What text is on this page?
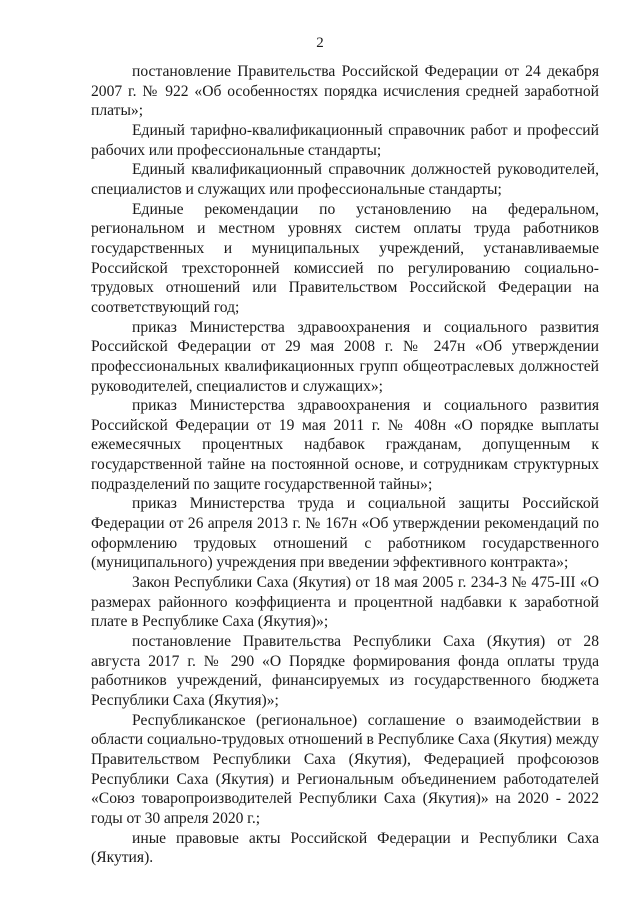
2

постановление Правительства Российской Федерации от 24 декабря 2007 г. № 922 «Об особенностях порядка исчисления средней заработной платы»;

Единый тарифно-квалификационный справочник работ и профессий рабочих или профессиональные стандарты;

Единый квалификационный справочник должностей руководителей, специалистов и служащих или профессиональные стандарты;

Единые рекомендации по установлению на федеральном, региональном и местном уровнях систем оплаты труда работников государственных и муниципальных учреждений, устанавливаемые Российской трехсторонней комиссией по регулированию социально-трудовых отношений или Правительством Российской Федерации на соответствующий год;

приказ Министерства здравоохранения и социального развития Российской Федерации от 29 мая 2008 г. № 247н «Об утверждении профессиональных квалификационных групп общеотраслевых должностей руководителей, специалистов и служащих»;

приказ Министерства здравоохранения и социального развития Российской Федерации от 19 мая 2011 г. № 408н «О порядке выплаты ежемесячных процентных надбавок гражданам, допущенным к государственной тайне на постоянной основе, и сотрудникам структурных подразделений по защите государственной тайны»;

приказ Министерства труда и социальной защиты Российской Федерации от 26 апреля 2013 г. № 167н «Об утверждении рекомендаций по оформлению трудовых отношений с работником государственного (муниципального) учреждения при введении эффективного контракта»;

Закон Республики Саха (Якутия) от 18 мая 2005 г. 234-З № 475-III «О размерах районного коэффициента и процентной надбавки к заработной плате в Республике Саха (Якутия)»;

постановление Правительства Республики Саха (Якутия) от 28 августа 2017 г. № 290 «О Порядке формирования фонда оплаты труда работников учреждений, финансируемых из государственного бюджета Республики Саха (Якутия)»;

Республиканское (региональное) соглашение о взаимодействии в области социально-трудовых отношений в Республике Саха (Якутия) между Правительством Республики Саха (Якутия), Федерацией профсоюзов Республики Саха (Якутия) и Региональным объединением работодателей «Союз товаропроизводителей Республики Саха (Якутия)» на 2020 - 2022 годы от 30 апреля 2020 г.;

иные правовые акты Российской Федерации и Республики Саха (Якутия).
